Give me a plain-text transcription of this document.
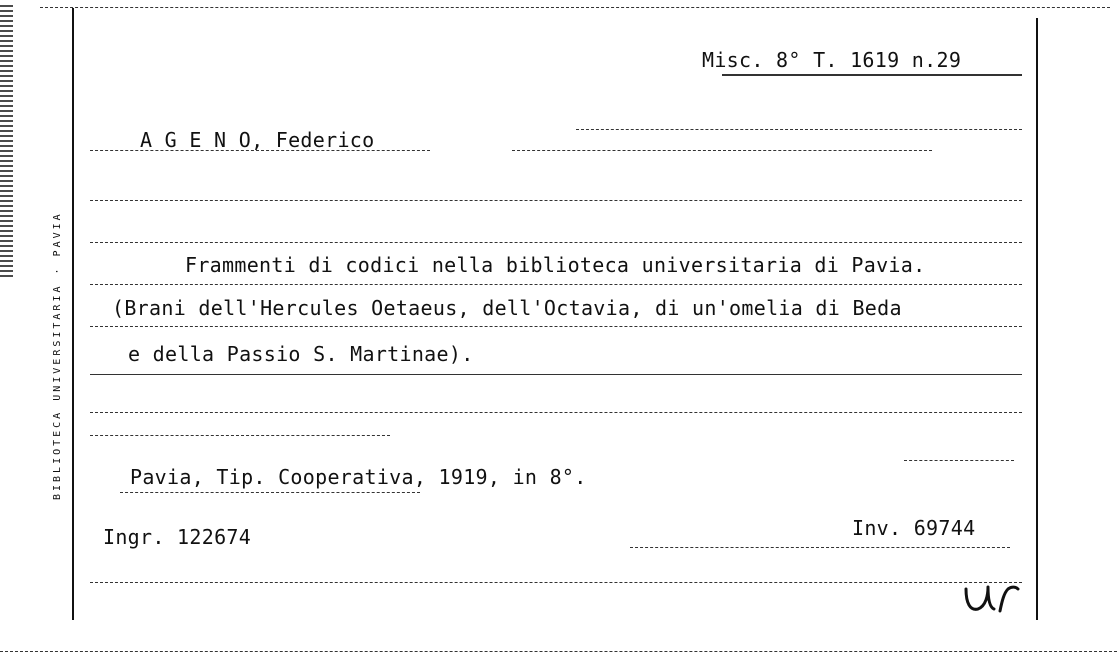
BIBLIOTECA UNIVERSITARIA · PAVIA
Misc. 8° T. 1619 n.29
A G E N O, Federico
Frammenti di codici nella biblioteca universitaria di Pavia.
(Brani dell'Hercules Oetaeus, dell'Octavia, di un'omelia di Beda
e della Passio S. Martinae).
Pavia, Tip. Cooperativa, 1919, in 8°.
Ingr. 122674	Inv. 69744
